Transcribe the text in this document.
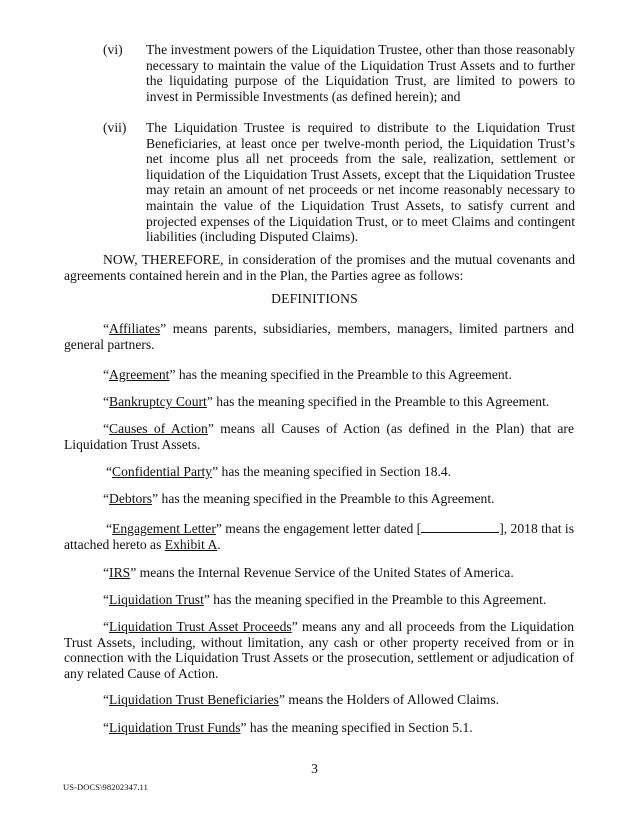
(vi) The investment powers of the Liquidation Trustee, other than those reasonably necessary to maintain the value of the Liquidation Trust Assets and to further the liquidating purpose of the Liquidation Trust, are limited to powers to invest in Permissible Investments (as defined herein); and
(vii) The Liquidation Trustee is required to distribute to the Liquidation Trust Beneficiaries, at least once per twelve-month period, the Liquidation Trust’s net income plus all net proceeds from the sale, realization, settlement or liquidation of the Liquidation Trust Assets, except that the Liquidation Trustee may retain an amount of net proceeds or net income reasonably necessary to maintain the value of the Liquidation Trust Assets, to satisfy current and projected expenses of the Liquidation Trust, or to meet Claims and contingent liabilities (including Disputed Claims).
NOW, THEREFORE, in consideration of the promises and the mutual covenants and agreements contained herein and in the Plan, the Parties agree as follows:
DEFINITIONS
“Affiliates” means parents, subsidiaries, members, managers, limited partners and general partners.
“Agreement” has the meaning specified in the Preamble to this Agreement.
“Bankruptcy Court” has the meaning specified in the Preamble to this Agreement.
“Causes of Action” means all Causes of Action (as defined in the Plan) that are Liquidation Trust Assets.
“Confidential Party” has the meaning specified in Section 18.4.
“Debtors” has the meaning specified in the Preamble to this Agreement.
“Engagement Letter” means the engagement letter dated [	], 2018 that is attached hereto as Exhibit A.
“IRS” means the Internal Revenue Service of the United States of America.
“Liquidation Trust” has the meaning specified in the Preamble to this Agreement.
“Liquidation Trust Asset Proceeds” means any and all proceeds from the Liquidation Trust Assets, including, without limitation, any cash or other property received from or in connection with the Liquidation Trust Assets or the prosecution, settlement or adjudication of any related Cause of Action.
“Liquidation Trust Beneficiaries” means the Holders of Allowed Claims.
“Liquidation Trust Funds” has the meaning specified in Section 5.1.
3
US-DOCS\98202347.11
